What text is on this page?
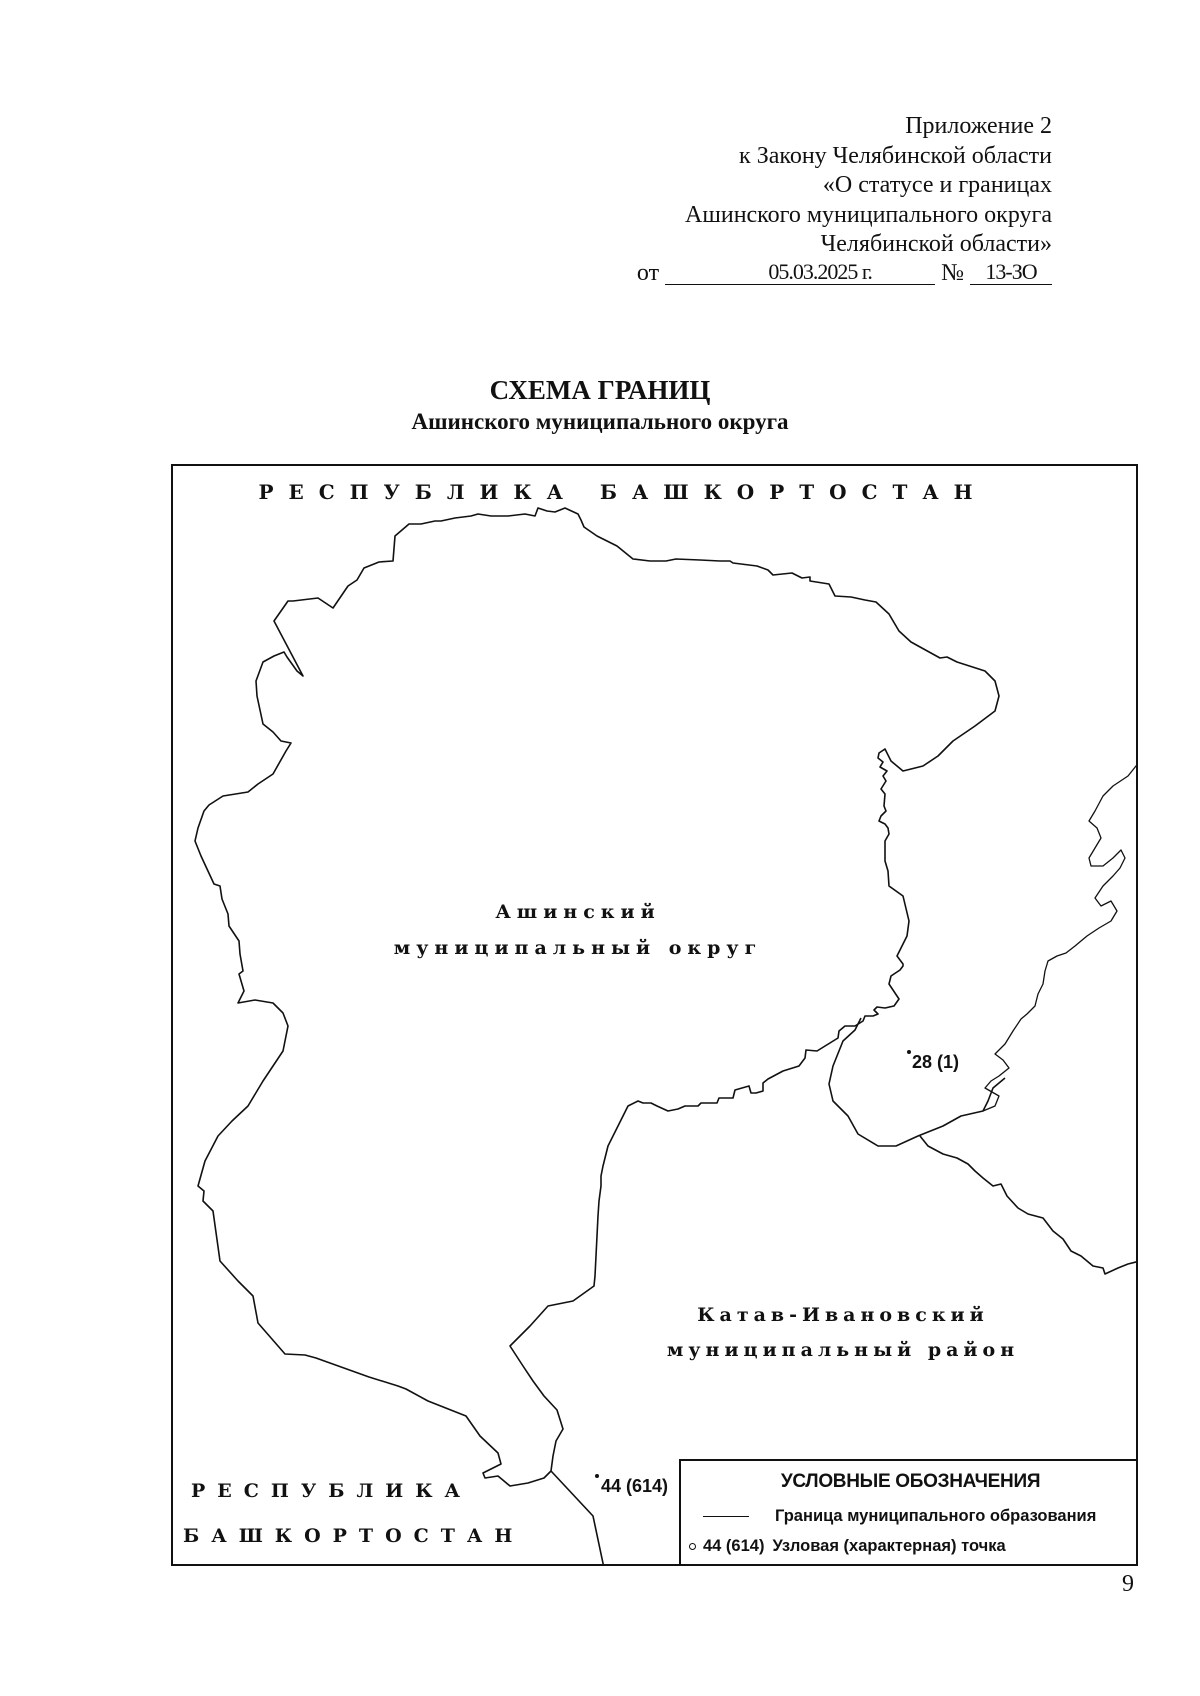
Приложение 2
к Закону Челябинской области
«О статусе и границах
Ашинского муниципального округа
Челябинской области»
от	05.03.2025 г.	№ 13-ЗО
СХЕМА ГРАНИЦ
Ашинского муниципального округа
РЕСПУБЛИКА БАШКОРТОСТАН
Ашинский
муниципальный округ
Катав-Ивановский
муниципальный район
РЕСПУБЛИКА
БАШКОРТОСТАН
28 (1)
44 (614)	УСЛОВНЫЕ ОБОЗНАЧЕНИЯ
Граница муниципального образования
44 (614) Узловая (характерная) точка
9
